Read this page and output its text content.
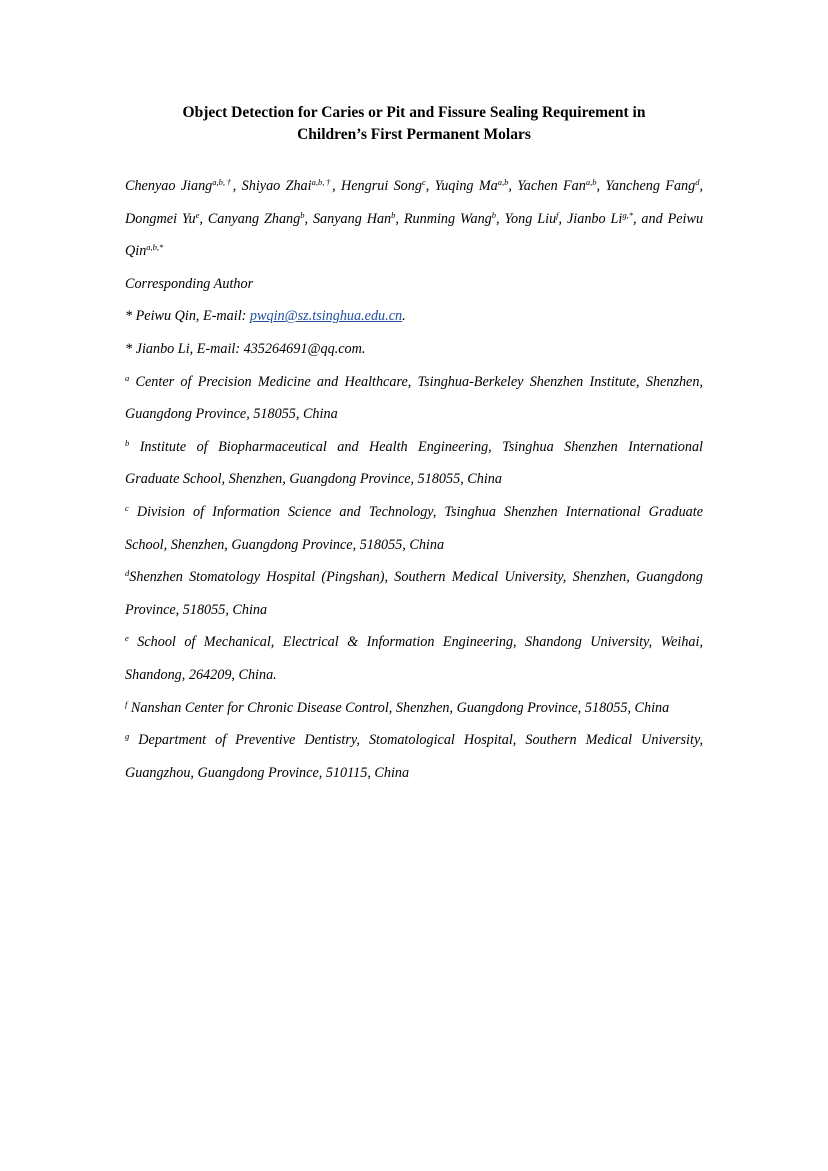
Object Detection for Caries or Pit and Fissure Sealing Requirement in
Children’s First Permanent Molars
Chenyao Jiang$^{a,b,\dagger}$, Shiyao Zhai$^{a,b,\dagger}$, Hengrui Song$^c$, Yuqing Ma$^{a,b}$, Yachen Fan$^{a,b}$, Yancheng Fang$^d$,
Dongmei Yu$^e$, Canyang Zhang$^b$, Sanyang Han$^b$, Runming Wang$^b$, Yong Liu$^f$, Jianbo $Li^{g,*}$, and Peiwu
Qin$^{a,b,*}$
Corresponding Author
* Peiwu Qin, E-mail: pwqin@sz.tsinghua.edu.cn.
* Jianbo Li, E-mail: 435264691@qq.com.
$^a$ Center of Precision Medicine and Healthcare, Tsinghua-Berkeley Shenzhen Institute, Shenzhen,
Guangdong Province, 518055, China
$^b$ Institute of Biopharmaceutical and Health Engineering, Tsinghua Shenzhen International
Graduate School, Shenzhen, Guangdong Province, 518055, China
$^c$ Division of Information Science and Technology, Tsinghua Shenzhen International Graduate
School, Shenzhen, Guangdong Province, 518055, China
$^d$Shenzhen Stomatology Hospital (Pingshan), Southern Medical University, Shenzhen, Guangdong
Province, 518055, China
$^e$ School of Mechanical, Electrical & Information Engineering, Shandong University, Weihai,
Shandong, 264209, China.
$^f$ Nanshan Center for Chronic Disease Control, Shenzhen, Guangdong Province, 518055, China
$^g$ Department of Preventive Dentistry, Stomatological Hospital, Southern Medical University,
Guangzhou, Guangdong Province, 510115, China
